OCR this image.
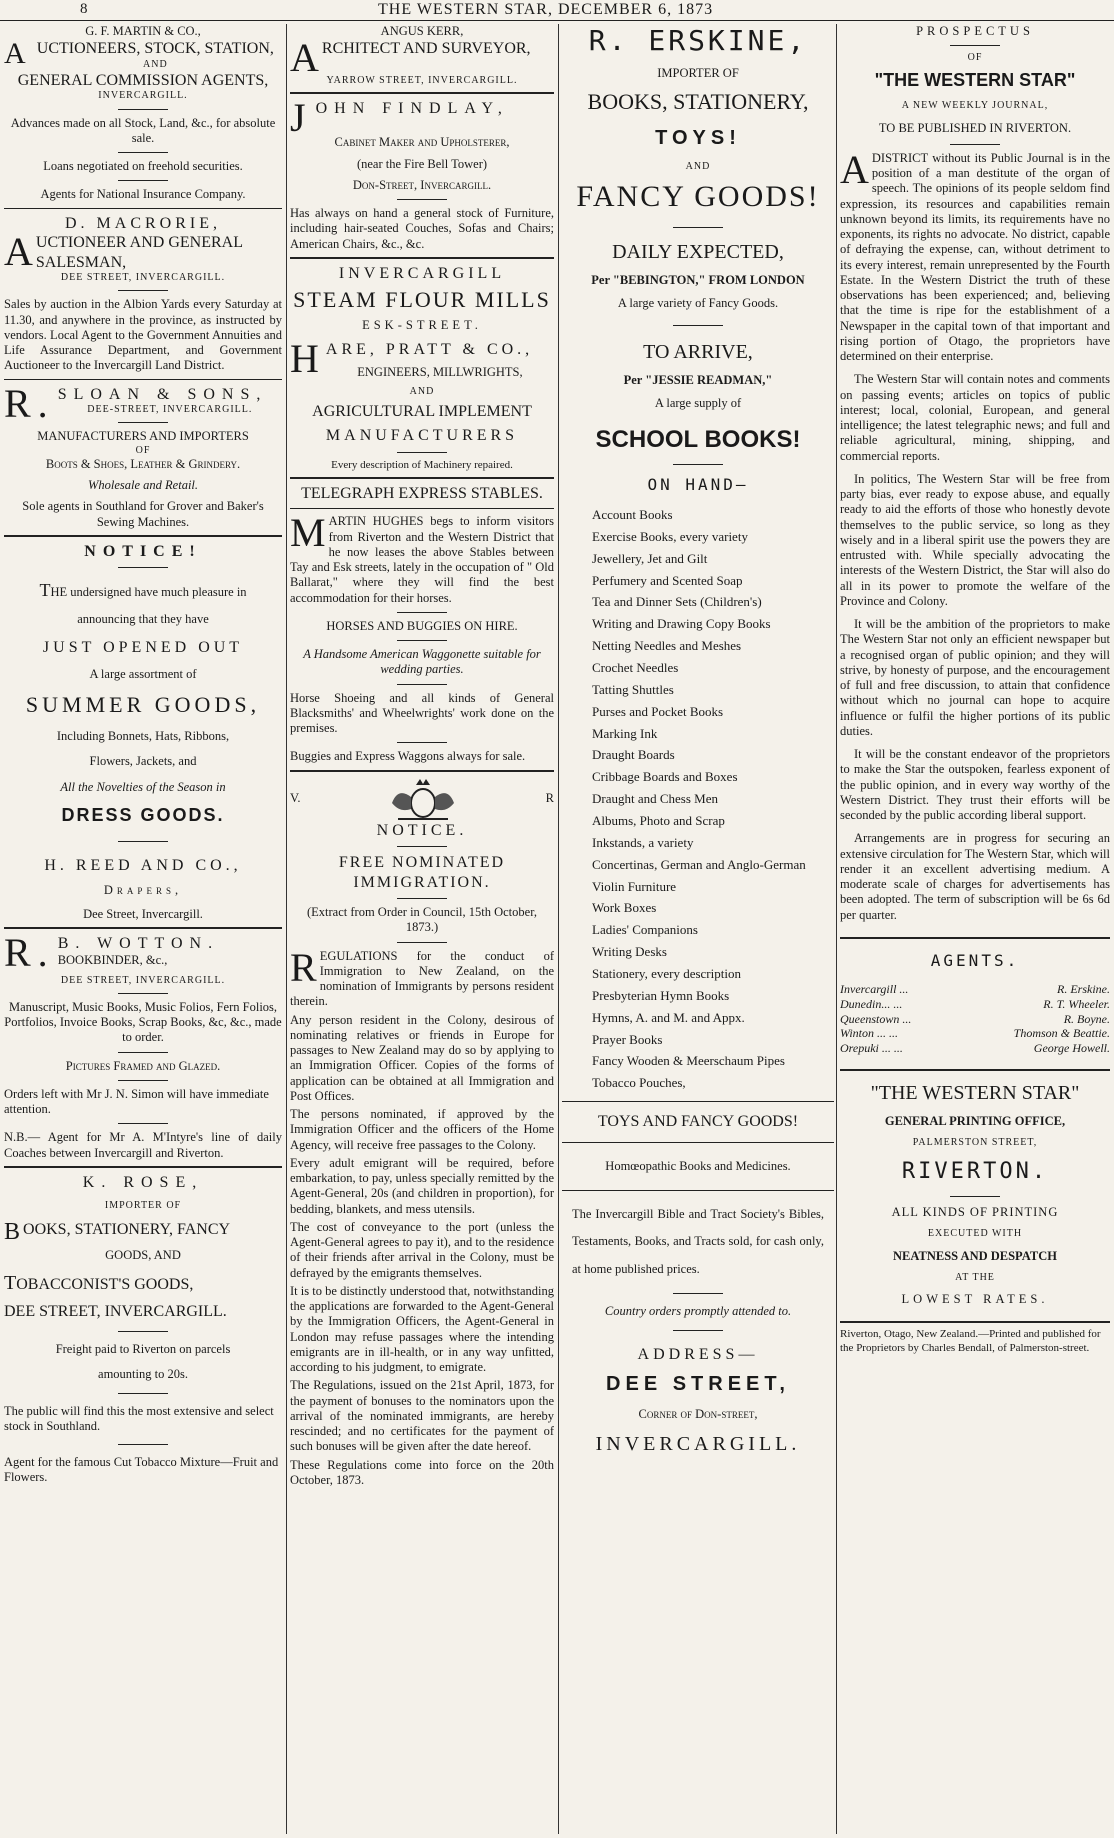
8	THE WESTERN STAR, DECEMBER 6, 1873
G. F. MARTIN & CO.,
AUCTIONEERS, STOCK, STATION,
AND
GENERAL COMMISSION AGENTS,
INVERCARGILL.
Advances made on all Stock, Land, &c., for absolute sale.
Loans negotiated on freehold securities.
Agents for National Insurance Company.
D. MACRORIE,
AUCTIONEER AND GENERAL SALESMAN,
DEE STREET, INVERCARGILL.
Sales by auction in the Albion Yards every Saturday at 11.30, and anywhere in the province, as instructed by vendors. Local Agent to the Government Annuities and Life Assurance Department, and Government Auctioneer to the Invercargill Land District.
R. SLOAN & SONS,
DEE-STREET, INVERCARGILL.
MANUFACTURERS AND IMPORTERS
OF
Boots & Shoes, Leather & Grindery.
Wholesale and Retail.
Sole agents in Southland for Grover and Baker's Sewing Machines.
NOTICE!
THE undersigned have much pleasure in
announcing that they have
JUST OPENED OUT
A large assortment of
SUMMER GOODS,
Including Bonnets, Hats, Ribbons,
Flowers, Jackets, and
All the Novelties of the Season in
DRESS GOODS.
H. REED AND CO.,
Drapers,
Dee Street, Invercargill.
R. B. WOTTON.
BOOKBINDER, &c.,
DEE STREET, INVERCARGILL.
Manuscript, Music Books, Music Folios, Fern Folios, Portfolios, Invoice Books, Scrap Books, &c, &c., made to order.
Pictures Framed and Glazed.
Orders left with Mr J. N. Simon will have immediate attention.
N.B.— Agent for Mr A. M'Intyre's line of daily Coaches between Invercargill and Riverton.
K. ROSE,
IMPORTER OF
BOOKS, STATIONERY, FANCY
GOODS, AND
TOBACCONIST'S GOODS,
DEE STREET, INVERCARGILL.
Freight paid to Riverton on parcels
amounting to 20s.
The public will find this the most extensive and select stock in Southland.
Agent for the famous Cut Tobacco Mixture—Fruit and Flowers.
ANGUS KERR,
ARCHITECT AND SURVEYOR,
YARROW STREET, INVERCARGILL.
JOHN FINDLAY,
Cabinet Maker and Upholsterer,
(near the Fire Bell Tower)
Don-Street, Invercargill.
Has always on hand a general stock of Furniture, including hair-seated Couches, Sofas and Chairs; American Chairs, &c., &c.
INVERCARGILL
STEAM FLOUR MILLS
ESK-STREET.
HARE, PRATT & CO.,
ENGINEERS, MILLWRIGHTS,
AND
AGRICULTURAL IMPLEMENT
MANUFACTURERS
Every description of Machinery repaired.
TELEGRAPH EXPRESS STABLES.
MARTIN HUGHES begs to inform visitors from Riverton and the Western District that he now leases the above Stables between Tay and Esk streets, lately in the occupation of " Old Ballarat," where they will find the best accommodation for their horses.
HORSES AND BUGGIES ON HIRE.
A Handsome American Waggonette suitable for wedding parties.
Horse Shoeing and all kinds of General Blacksmiths' and Wheelwrights' work done on the premises.
Buggies and Express Waggons always for sale.
V.	R
NOTICE.
FREE NOMINATED IMMIGRATION.
(Extract from Order in Council, 15th October, 1873.)
REGULATIONS for the conduct of Immigration to New Zealand, on the nomination of Immigrants by persons resident therein.
Any person resident in the Colony, desirous of nominating relatives or friends in Europe for passages to New Zealand may do so by applying to an Immigration Officer. Copies of the forms of application can be obtained at all Immigration and Post Offices.
The persons nominated, if approved by the Immigration Officer and the officers of the Home Agency, will receive free passages to the Colony.
Every adult emigrant will be required, before embarkation, to pay, unless specially remitted by the Agent-General, 20s (and children in proportion), for bedding, blankets, and mess utensils.
The cost of conveyance to the port (unless the Agent-General agrees to pay it), and to the residence of their friends after arrival in the Colony, must be defrayed by the emigrants themselves.
It is to be distinctly understood that, notwithstanding the applications are forwarded to the Agent-General by the Immigration Officers, the Agent-General in London may refuse passages where the intending emigrants are in ill-health, or in any way unfitted, according to his judgment, to emigrate.
The Regulations, issued on the 21st April, 1873, for the payment of bonuses to the nominators upon the arrival of the nominated immigrants, are hereby rescinded; and no certificates for the payment of such bonuses will be given after the date hereof.
These Regulations come into force on the 20th October, 1873.
R. ERSKINE,
IMPORTER OF
BOOKS, STATIONERY,
TOYS!
AND
FANCY GOODS!
DAILY EXPECTED,
Per "BEBINGTON," FROM LONDON
A large variety of Fancy Goods.
TO ARRIVE,
Per "JESSIE READMAN,"
A large supply of
SCHOOL BOOKS!
ON HAND—
Account Books
Exercise Books, every variety
Jewellery, Jet and Gilt
Perfumery and Scented Soap
Tea and Dinner Sets (Children's)
Writing and Drawing Copy Books
Netting Needles and Meshes
Crochet Needles
Tatting Shuttles
Purses and Pocket Books
Marking Ink
Draught Boards
Cribbage Boards and Boxes
Draught and Chess Men
Albums, Photo and Scrap
Inkstands, a variety
Concertinas, German and Anglo-German
Violin Furniture
Work Boxes
Ladies' Companions
Writing Desks
Stationery, every description
Presbyterian Hymn Books
Hymns, A. and M. and Appx.
Prayer Books
Fancy Wooden & Meerschaum Pipes
Tobacco Pouches,
TOYS AND FANCY GOODS!
Homœopathic Books and Medicines.
The Invercargill Bible and Tract Society's Bibles, Testaments, Books, and Tracts sold, for cash only, at home published prices.
Country orders promptly attended to.
ADDRESS—
DEE STREET,
Corner of Don-street,
INVERCARGILL.
PROSPECTUS
OF
"THE WESTERN STAR"
A NEW WEEKLY JOURNAL,
TO BE PUBLISHED IN RIVERTON.
ADISTRICT without its Public Journal is in the position of a man destitute of the organ of speech. The opinions of its people seldom find expression, its resources and capabilities remain unknown beyond its limits, its requirements have no exponents, its rights no advocate. No district, capable of defraying the expense, can, without detriment to its every interest, remain unrepresented by the Fourth Estate. In the Western District the truth of these observations has been experienced; and, believing that the time is ripe for the establishment of a Newspaper in the capital town of that important and rising portion of Otago, the proprietors have determined on their enterprise.
The Western Star will contain notes and comments on passing events; articles on topics of public interest; local, colonial, European, and general intelligence; the latest telegraphic news; and full and reliable agricultural, mining, shipping, and commercial reports.
In politics, The Western Star will be free from party bias, ever ready to expose abuse, and equally ready to aid the efforts of those who honestly devote themselves to the public service, so long as they wisely and in a liberal spirit use the powers they are entrusted with. While specially advocating the interests of the Western District, the Star will also do all in its power to promote the welfare of the Province and Colony.
It will be the ambition of the proprietors to make The Western Star not only an efficient newspaper but a recognised organ of public opinion; and they will strive, by honesty of purpose, and the encouragement of full and free discussion, to attain that confidence without which no journal can hope to acquire influence or fulfil the higher portions of its public duties.
It will be the constant endeavor of the proprietors to make the Star the outspoken, fearless exponent of the public opinion, and in every way worthy of the Western District. They trust their efforts will be seconded by the public according liberal support.
Arrangements are in progress for securing an extensive circulation for The Western Star, which will render it an excellent advertising medium. A moderate scale of charges for advertisements has been adopted. The term of subscription will be 6s 6d per quarter.
AGENTS.
Invercargill ...	R. Erskine.
Dunedin... ...	R. T. Wheeler.
Queenstown ...	R. Boyne.
Winton ... ...	Thomson & Beattie.
Orepuki ... ...	George Howell.
"THE WESTERN STAR"
GENERAL PRINTING OFFICE,
PALMERSTON STREET,
RIVERTON.
ALL KINDS OF PRINTING
EXECUTED WITH
NEATNESS AND DESPATCH
AT THE
LOWEST RATES.
Riverton, Otago, New Zealand.—Printed and published for the Proprietors by Charles Bendall, of Palmerston-street.
